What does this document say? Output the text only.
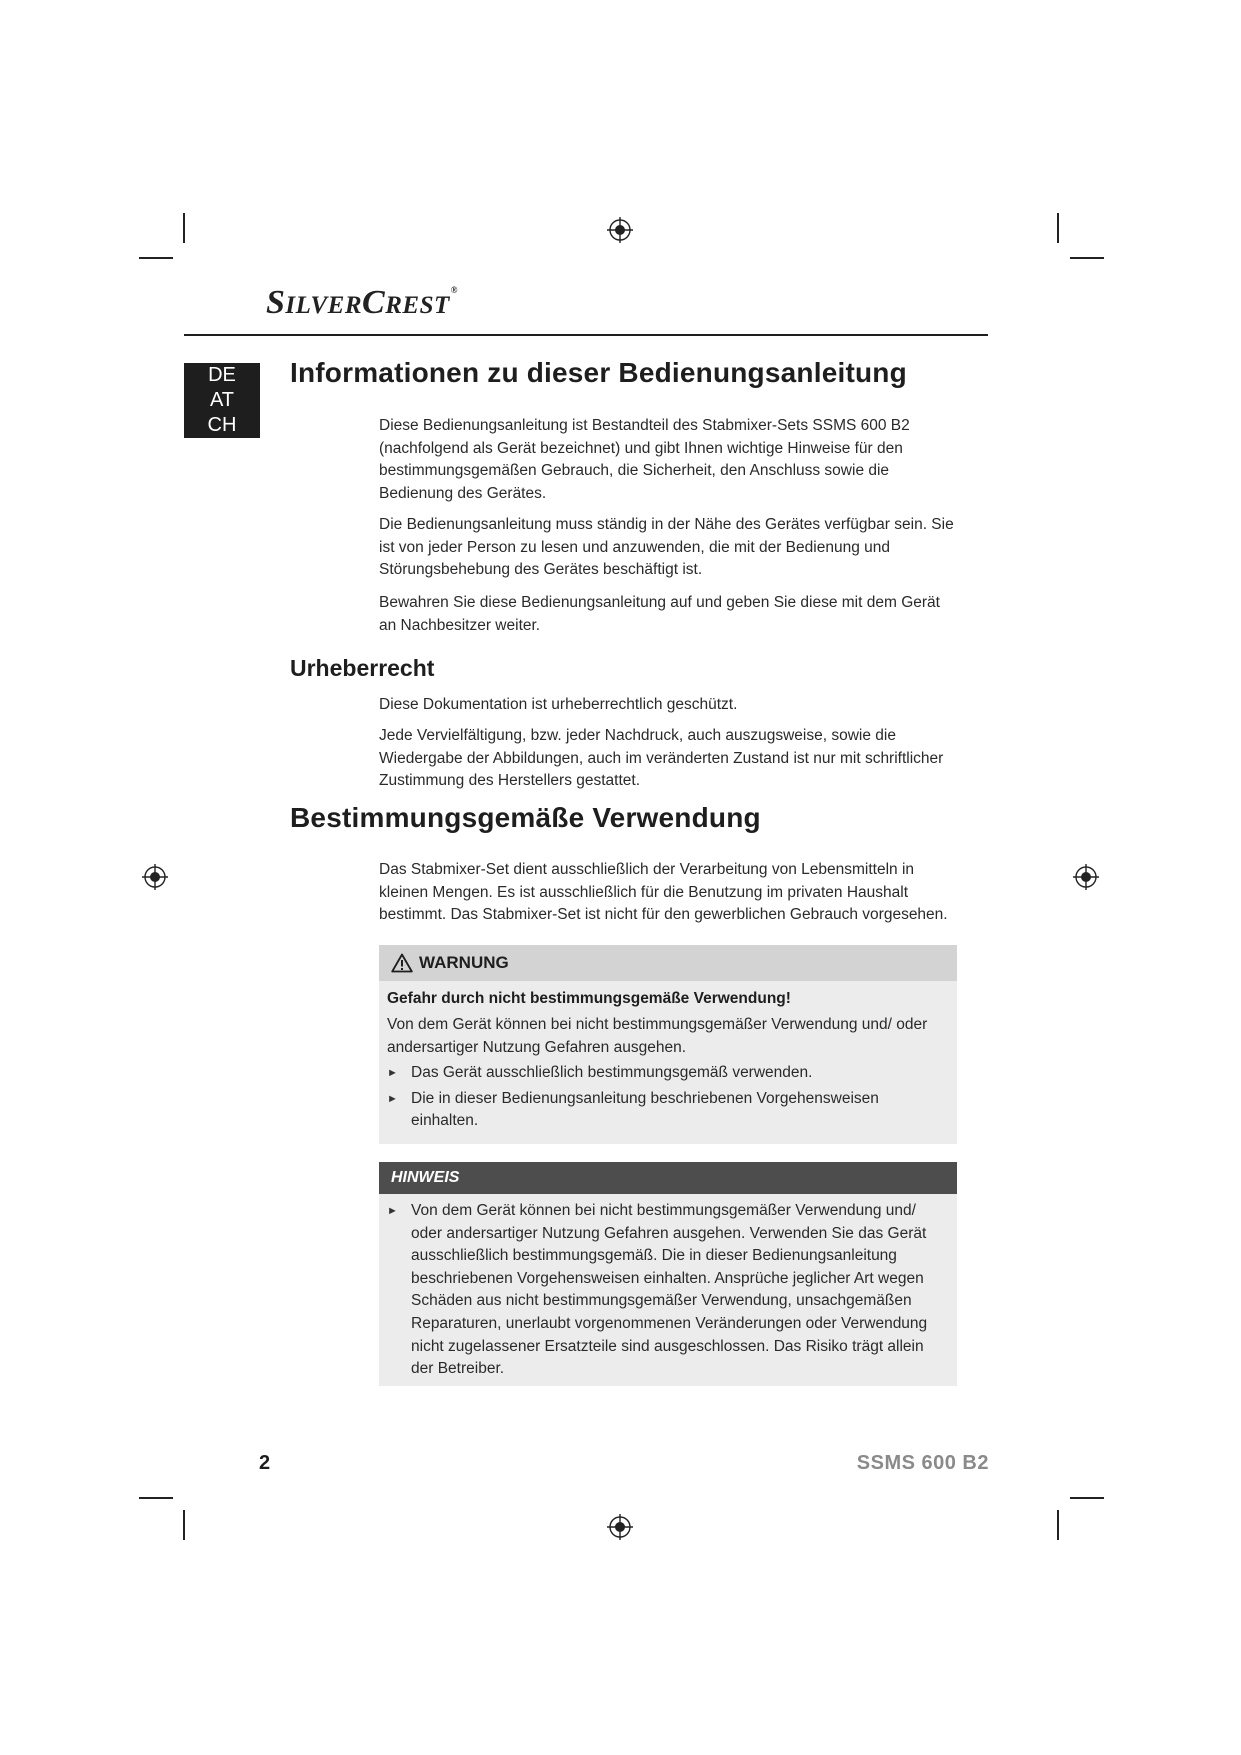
SILVERCREST®

DE
AT
CH
Informationen zu dieser Bedienungsanleitung

Diese Bedienungsanleitung ist Bestandteil des Stabmixer-Sets SSMS 600 B2 (nachfolgend als Gerät bezeichnet) und gibt Ihnen wichtige Hinweise für den bestimmungsgemäßen Gebrauch, die Sicherheit, den Anschluss sowie die Bedienung des Gerätes.

Die Bedienungsanleitung muss ständig in der Nähe des Gerätes verfügbar sein. Sie ist von jeder Person zu lesen und anzuwenden, die mit der Bedienung und Störungsbehebung des Gerätes beschäftigt ist.

Bewahren Sie diese Bedienungsanleitung auf und geben Sie diese mit dem Gerät an Nachbesitzer weiter.

Urheberrecht

Diese Dokumentation ist urheberrechtlich geschützt.

Jede Vervielfältigung, bzw. jeder Nachdruck, auch auszugsweise, sowie die Wiedergabe der Abbildungen, auch im veränderten Zustand ist nur mit schriftlicher Zustimmung des Herstellers gestattet.

Bestimmungsgemäße Verwendung

Das Stabmixer-Set dient ausschließlich der Verarbeitung von Lebensmitteln in kleinen Mengen. Es ist ausschließlich für die Benutzung im privaten Haushalt bestimmt. Das Stabmixer-Set ist nicht für den gewerblichen Gebrauch vorgesehen.

WARNUNG
Gefahr durch nicht bestimmungsgemäße Verwendung!
Von dem Gerät können bei nicht bestimmungsgemäßer Verwendung und/ oder andersartiger Nutzung Gefahren ausgehen.
► Das Gerät ausschließlich bestimmungsgemäß verwenden.
► Die in dieser Bedienungsanleitung beschriebenen Vorgehensweisen einhalten.
HINWEIS
► Von dem Gerät können bei nicht bestimmungsgemäßer Verwendung und/ oder andersartiger Nutzung Gefahren ausgehen. Verwenden Sie das Gerät ausschließlich bestimmungsgemäß. Die in dieser Bedienungsanleitung beschriebenen Vorgehensweisen einhalten. Ansprüche jeglicher Art wegen Schäden aus nicht bestimmungsgemäßer Verwendung, unsachgemäßen Reparaturen, unerlaubt vorgenommenen Veränderungen oder Verwendung nicht zugelassener Ersatzteile sind ausgeschlossen. Das Risiko trägt allein der Betreiber.

2	SSMS 600 B2
